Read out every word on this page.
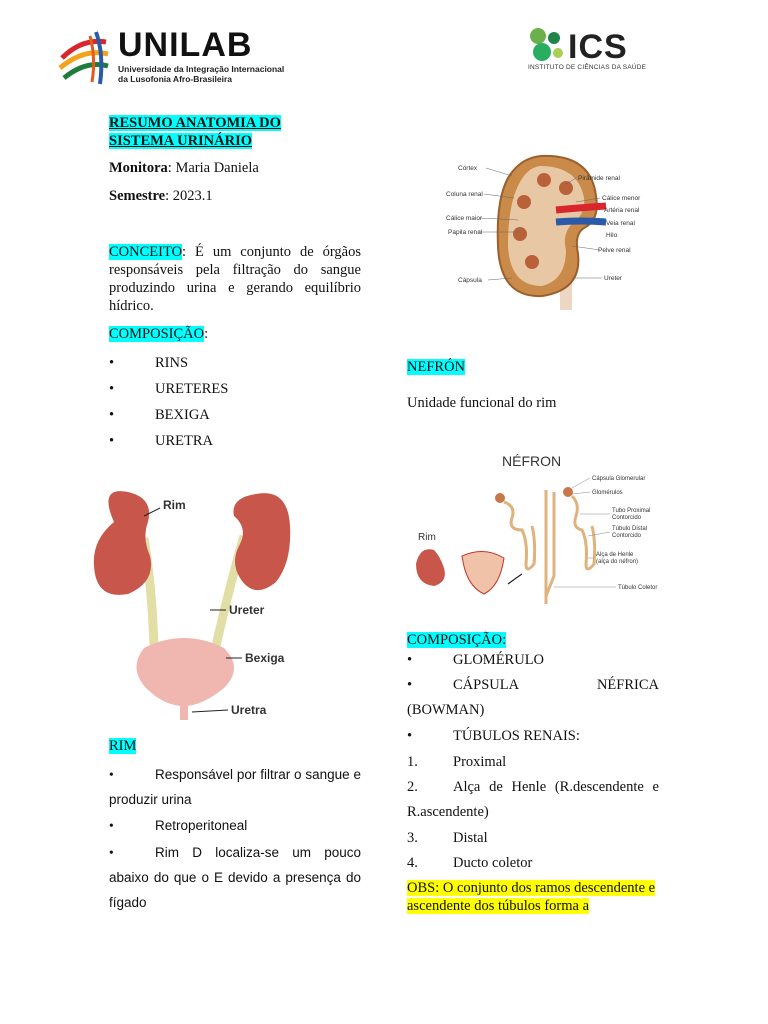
UNILAB
Universidade da Integração Internacional
da Lusofonia Afro-Brasileira
ICS
INSTITUTO DE CIÊNCIAS DA SAÚDE
RESUMO ANATOMIA DO SISTEMA URINÁRIO
Monitora: Maria Daniela
Semestre: 2023.1
CONCEITO: É um conjunto de órgãos responsáveis pela filtração do sangue produzindo urina e gerando equilíbrio hídrico.
COMPOSIÇÃO:
•	RINS
•	URETERES
•	BEXIGA
•	URETRA
Rim
Ureter
Bexiga
Uretra
RIM
•	Responsável por filtrar o sangue e produzir urina
•	Retroperitoneal
•	Rim D localiza-se um pouco abaixo do que o E devido a presença do fígado
Córtex
Coluna renal
Cálice maior
Papila renal
Cápsula
Pirâmide renal
Cálice menor
Artéria renal
Veia renal
Hilo
Pelve renal
Ureter
NEFRÓN
Unidade funcional do rim
NÉFRON
Rim
Cápsula Glomerular
Glomérulos
Tubo Proximal
Contorcido
Túbulo Distal
Contorcido
Alça de Henle
(alça do néfron)
Túbulo Coletor
COMPOSIÇÃO:
•	GLOMÉRULO
•	CÁPSULA NÉFRICA (BOWMAN)
•	TÚBULOS RENAIS:
1. Proximal
2. Alça de Henle (R.descendente e R.ascendente)
3. Distal
4. Ducto coletor
OBS: O conjunto dos ramos descendente e ascendente dos túbulos forma a
